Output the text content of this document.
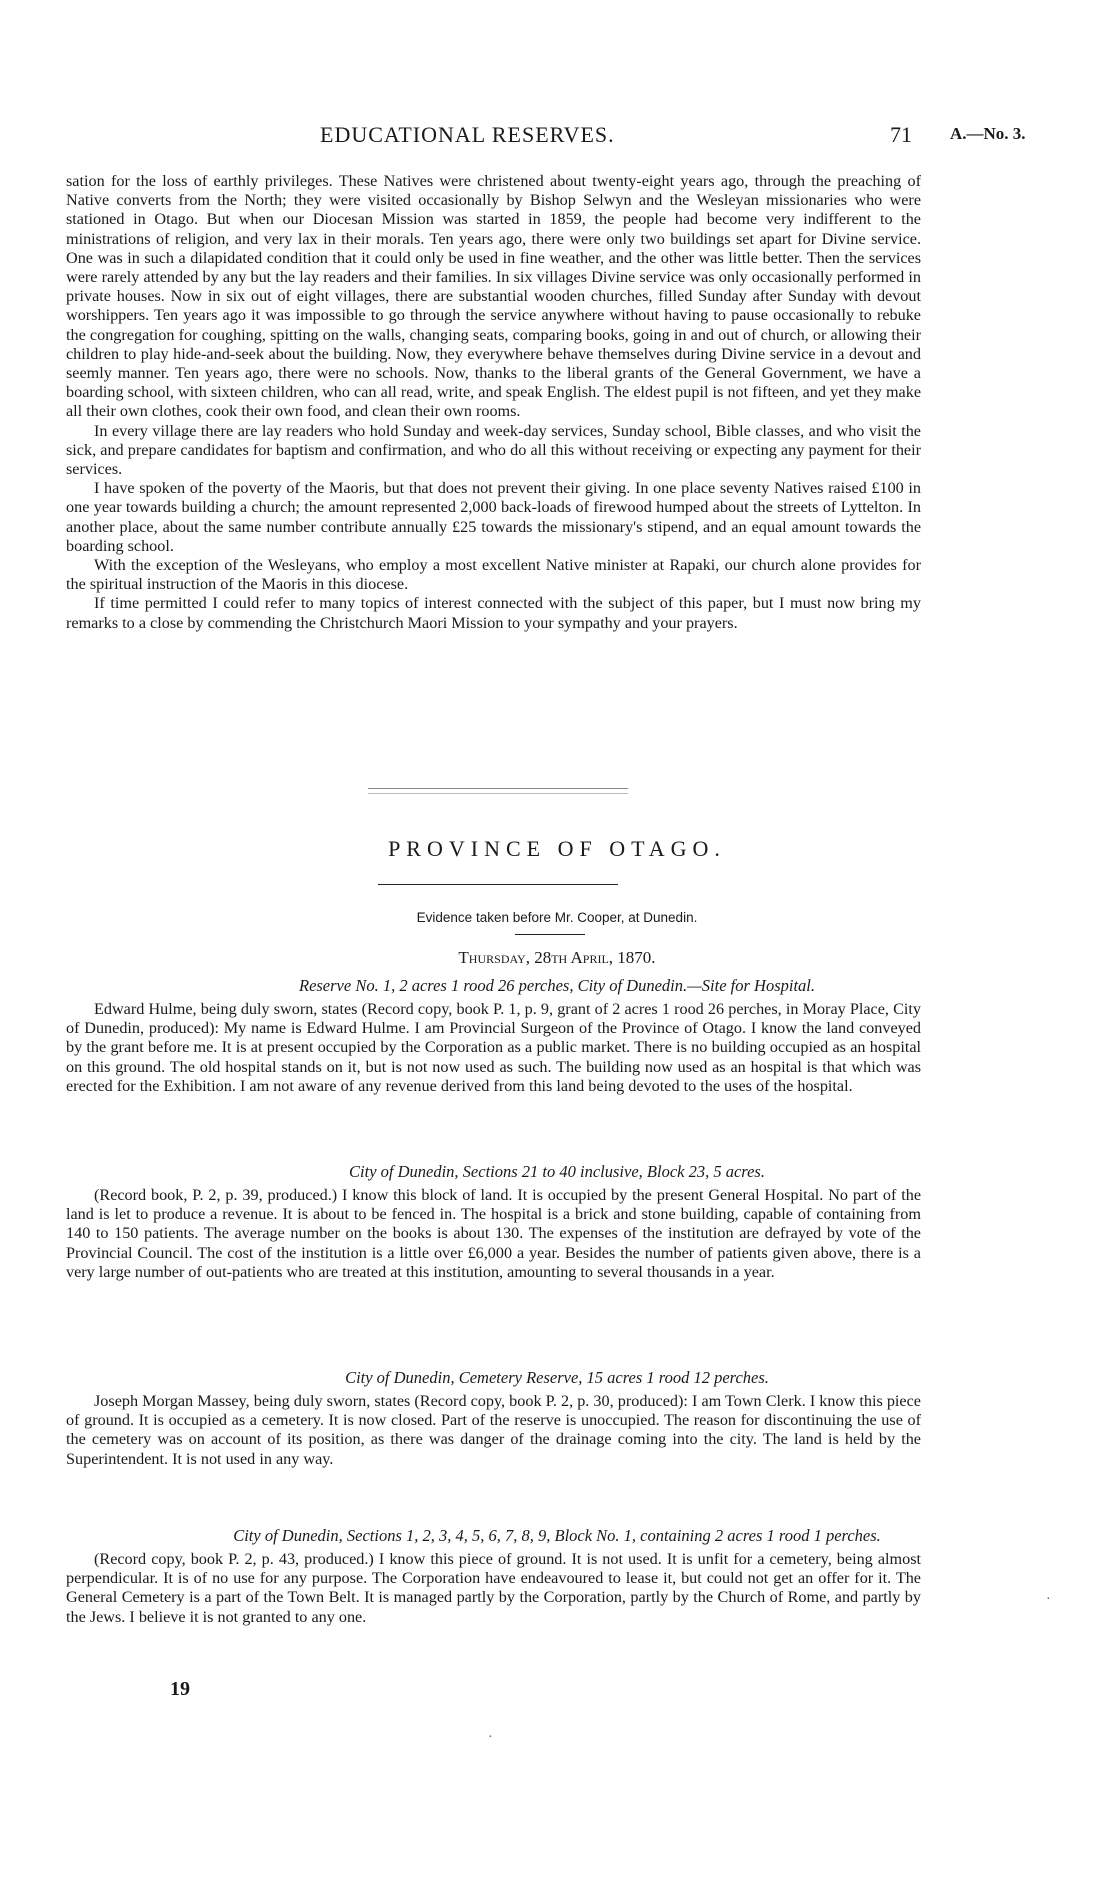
EDUCATIONAL RESERVES.	71 A.—No. 3.

sation for the loss of earthly privileges. These Natives were christened about twenty-eight years ago, through the preaching of Native converts from the North; they were visited occasionally by Bishop Selwyn and the Wesleyan missionaries who were stationed in Otago. But when our Diocesan Mission was started in 1859, the people had become very indifferent to the ministrations of religion, and very lax in their morals. Ten years ago, there were only two buildings set apart for Divine service. One was in such a dilapidated condition that it could only be used in fine weather, and the other was little better. Then the services were rarely attended by any but the lay readers and their families. In six villages Divine service was only occasionally performed in private houses. Now in six out of eight villages, there are substantial wooden churches, filled Sunday after Sunday with devout worshippers. Ten years ago it was impossible to go through the service anywhere without having to pause occasionally to rebuke the congregation for coughing, spitting on the walls, changing seats, comparing books, going in and out of church, or allowing their children to play hide-and-seek about the building. Now, they everywhere behave themselves during Divine service in a devout and seemly manner. Ten years ago, there were no schools. Now, thanks to the liberal grants of the General Government, we have a boarding school, with sixteen children, who can all read, write, and speak English. The eldest pupil is not fifteen, and yet they make all their own clothes, cook their own food, and clean their own rooms.

In every village there are lay readers who hold Sunday and week-day services, Sunday school, Bible classes, and who visit the sick, and prepare candidates for baptism and confirmation, and who do all this without receiving or expecting any payment for their services.

I have spoken of the poverty of the Maoris, but that does not prevent their giving. In one place seventy Natives raised £100 in one year towards building a church; the amount represented 2,000 back-loads of firewood humped about the streets of Lyttelton. In another place, about the same number contribute annually £25 towards the missionary's stipend, and an equal amount towards the boarding school.

With the exception of the Wesleyans, who employ a most excellent Native minister at Rapaki, our church alone provides for the spiritual instruction of the Maoris in this diocese.

If time permitted I could refer to many topics of interest connected with the subject of this paper, but I must now bring my remarks to a close by commending the Christchurch Maori Mission to your sympathy and your prayers.

PROVINCE OF OTAGO.
Evidence taken before Mr. Cooper, at Dunedin.
Thursday, 28th April, 1870.
Reserve No. 1, 2 acres 1 rood 26 perches, City of Dunedin.—Site for Hospital.

Edward Hulme, being duly sworn, states (Record copy, book P. 1, p. 9, grant of 2 acres 1 rood 26 perches, in Moray Place, City of Dunedin, produced): My name is Edward Hulme. I am Provincial Surgeon of the Province of Otago. I know the land conveyed by the grant before me. It is at present occupied by the Corporation as a public market. There is no building occupied as an hospital on this ground. The old hospital stands on it, but is not now used as such. The building now used as an hospital is that which was erected for the Exhibition. I am not aware of any revenue derived from this land being devoted to the uses of the hospital.

City of Dunedin, Sections 21 to 40 inclusive, Block 23, 5 acres.

(Record book, P. 2, p. 39, produced.) I know this block of land. It is occupied by the present General Hospital. No part of the land is let to produce a revenue. It is about to be fenced in. The hospital is a brick and stone building, capable of containing from 140 to 150 patients. The average number on the books is about 130. The expenses of the institution are defrayed by vote of the Provincial Council. The cost of the institution is a little over £6,000 a year. Besides the number of patients given above, there is a very large number of out-patients who are treated at this institution, amounting to several thousands in a year.

City of Dunedin, Cemetery Reserve, 15 acres 1 rood 12 perches.

Joseph Morgan Massey, being duly sworn, states (Record copy, book P. 2, p. 30, produced): I am Town Clerk. I know this piece of ground. It is occupied as a cemetery. It is now closed. Part of the reserve is unoccupied. The reason for discontinuing the use of the cemetery was on account of its position, as there was danger of the drainage coming into the city. The land is held by the Superintendent. It is not used in any way.

City of Dunedin, Sections 1, 2, 3, 4, 5, 6, 7, 8, 9, Block No. 1, containing 2 acres 1 rood 1 perches.

(Record copy, book P. 2, p. 43, produced.) I know this piece of ground. It is not used. It is unfit for a cemetery, being almost perpendicular. It is of no use for any purpose. The Corporation have endeavoured to lease it, but could not get an offer for it. The General Cemetery is a part of the Town Belt. It is managed partly by the Corporation, partly by the Church of Rome, and partly by the Jews. I believe it is not granted to any one.

19
·
·
